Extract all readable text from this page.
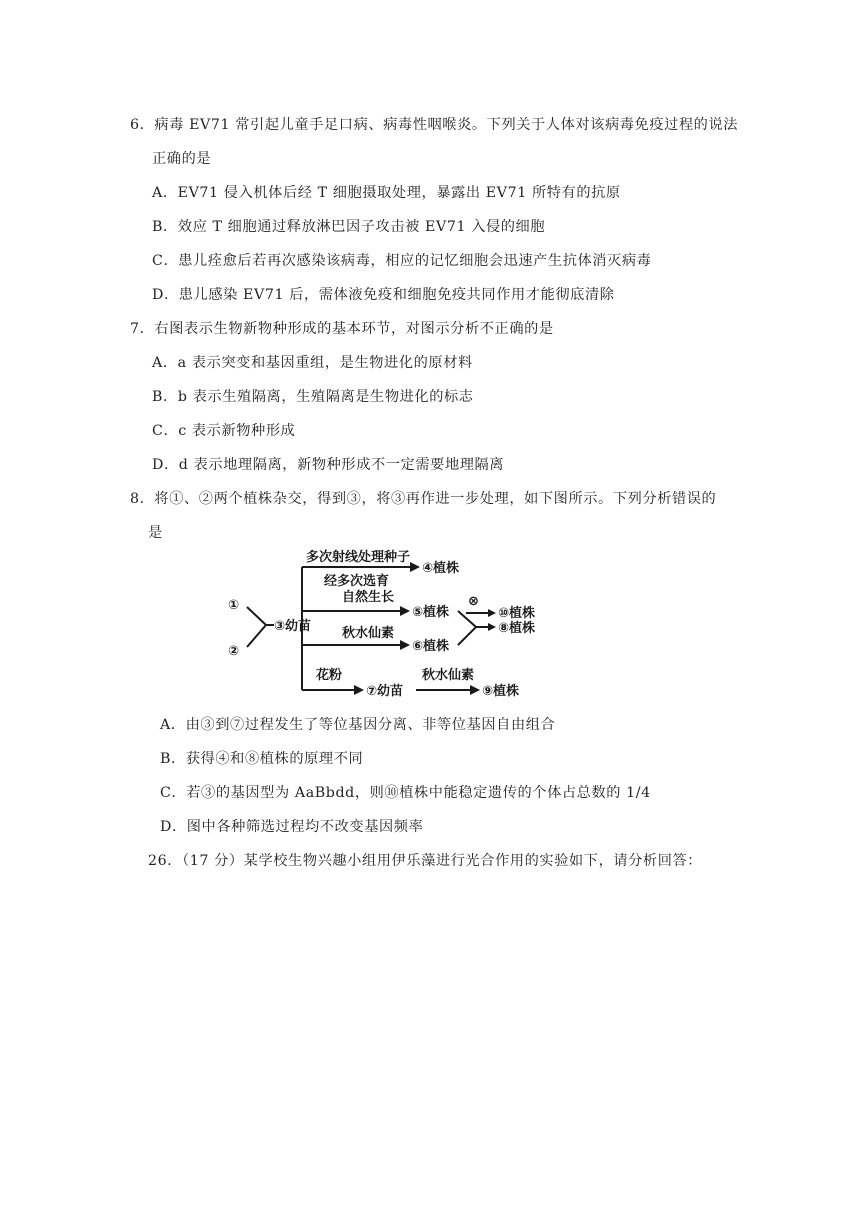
6．病毒 EV71 常引起儿童手足口病、病毒性咽喉炎。下列关于人体对该病毒免疫过程的说法
正确的是
A．EV71 侵入机体后经 T 细胞摄取处理，暴露出 EV71 所特有的抗原
B．效应 T 细胞通过释放淋巴因子攻击被 EV71 入侵的细胞
C．患儿痊愈后若再次感染该病毒，相应的记忆细胞会迅速产生抗体消灭病毒
D．患儿感染 EV71 后，需体液免疫和细胞免疫共同作用才能彻底清除
7．右图表示生物新物种形成的基本环节，对图示分析不正确的是
A．a 表示突变和基因重组，是生物进化的原材料
B．b 表示生殖隔离，生殖隔离是生物进化的标志
C．c 表示新物种形成
D．d 表示地理隔离，新物种形成不一定需要地理隔离
8．将①、②两个植株杂交，得到③，将③再作进一步处理，如下图所示。下列分析错误的
是
①
②
③幼苗
多次射线处理种子
④植株
经多次选育
自然生长
⑤植株
秋水仙素
⑥植株
⊗
⑩植株
⑧植株
花粉
⑦幼苗
秋水仙素
⑨植株
A．由③到⑦过程发生了等位基因分离、非等位基因自由组合
B．获得④和⑧植株的原理不同
C．若③的基因型为 AaBbdd，则⑩植株中能稳定遗传的个体占总数的 1/4
D．图中各种筛选过程均不改变基因频率
26．（17 分）某学校生物兴趣小组用伊乐藻进行光合作用的实验如下，请分析回答：
